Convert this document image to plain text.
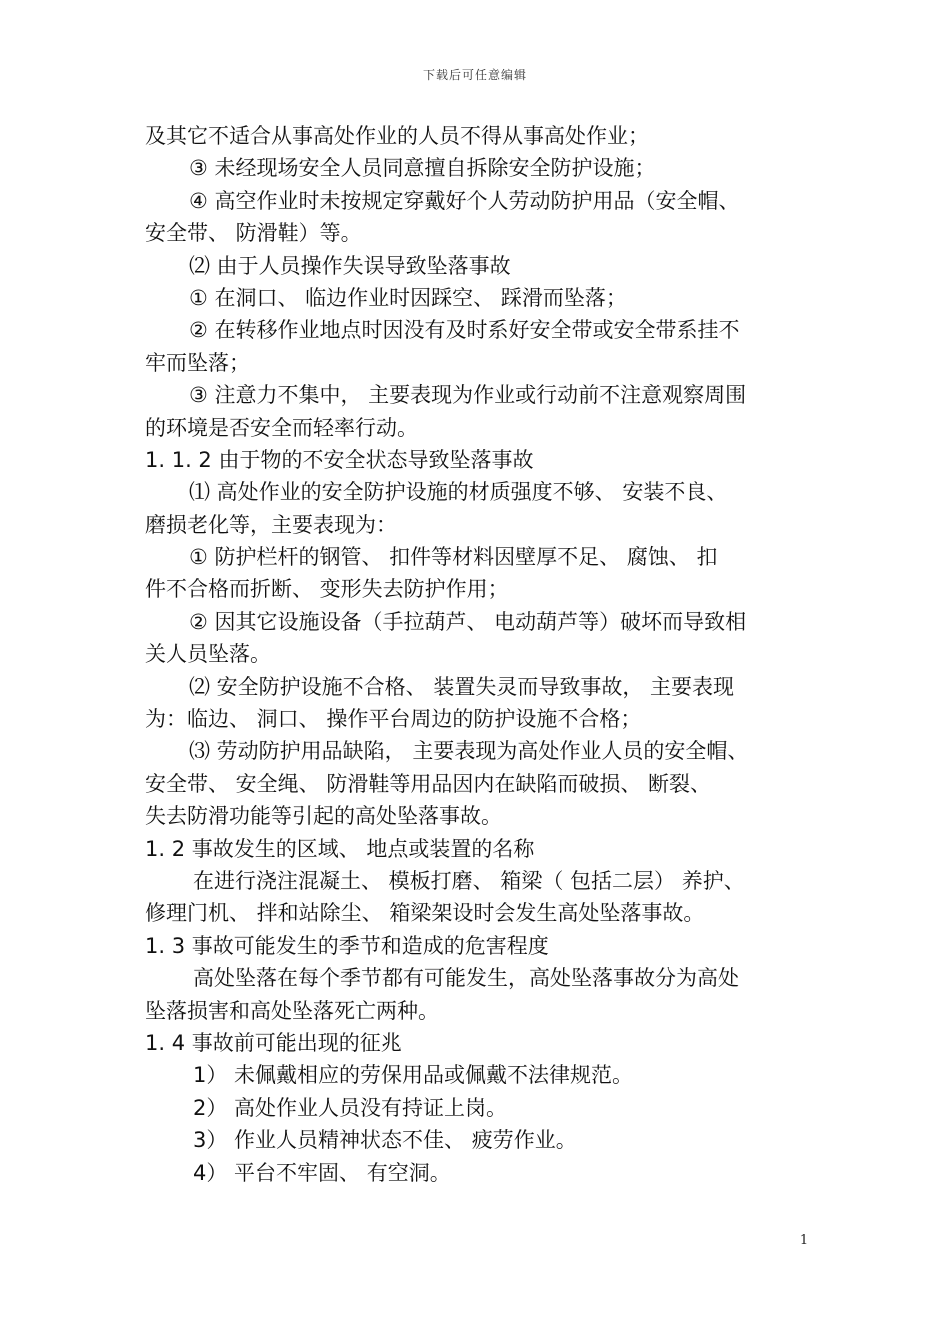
下载后可任意编辑
及其它不适合从事高处作业的人员不得从事高处作业；
③ 未经现场安全人员同意擅自拆除安全防护设施；
④ 高空作业时未按规定穿戴好个人劳动防护用品（安全帽、
安全带、 防滑鞋）等。
⑵ 由于人员操作失误导致坠落事故
① 在洞口、 临边作业时因踩空、 踩滑而坠落；
② 在转移作业地点时因没有及时系好安全带或安全带系挂不
牢而坠落；
③ 注意力不集中， 主要表现为作业或行动前不注意观察周围
的环境是否安全而轻率行动。
1. 1. 2 由于物的不安全状态导致坠落事故
⑴ 高处作业的安全防护设施的材质强度不够、 安装不良、
磨损老化等，主要表现为：
① 防护栏杆的钢管、 扣件等材料因壁厚不足、 腐蚀、 扣
件不合格而折断、 变形失去防护作用；
② 因其它设施设备（手拉葫芦、 电动葫芦等）破坏而导致相
关人员坠落。
⑵ 安全防护设施不合格、 装置失灵而导致事故， 主要表现
为：临边、 洞口、 操作平台周边的防护设施不合格；
⑶ 劳动防护用品缺陷， 主要表现为高处作业人员的安全帽、
安全带、 安全绳、 防滑鞋等用品因内在缺陷而破损、 断裂、
失去防滑功能等引起的高处坠落事故。
1. 2 事故发生的区域、 地点或装置的名称
在进行浇注混凝土、 模板打磨、 箱梁（ 包括二层） 养护、
修理门机、 拌和站除尘、 箱梁架设时会发生高处坠落事故。
1. 3 事故可能发生的季节和造成的危害程度
高处坠落在每个季节都有可能发生，高处坠落事故分为高处
坠落损害和高处坠落死亡两种。
1. 4 事故前可能出现的征兆
1） 未佩戴相应的劳保用品或佩戴不法律规范。
2） 高处作业人员没有持证上岗。
3） 作业人员精神状态不佳、 疲劳作业。
4） 平台不牢固、 有空洞。
1
